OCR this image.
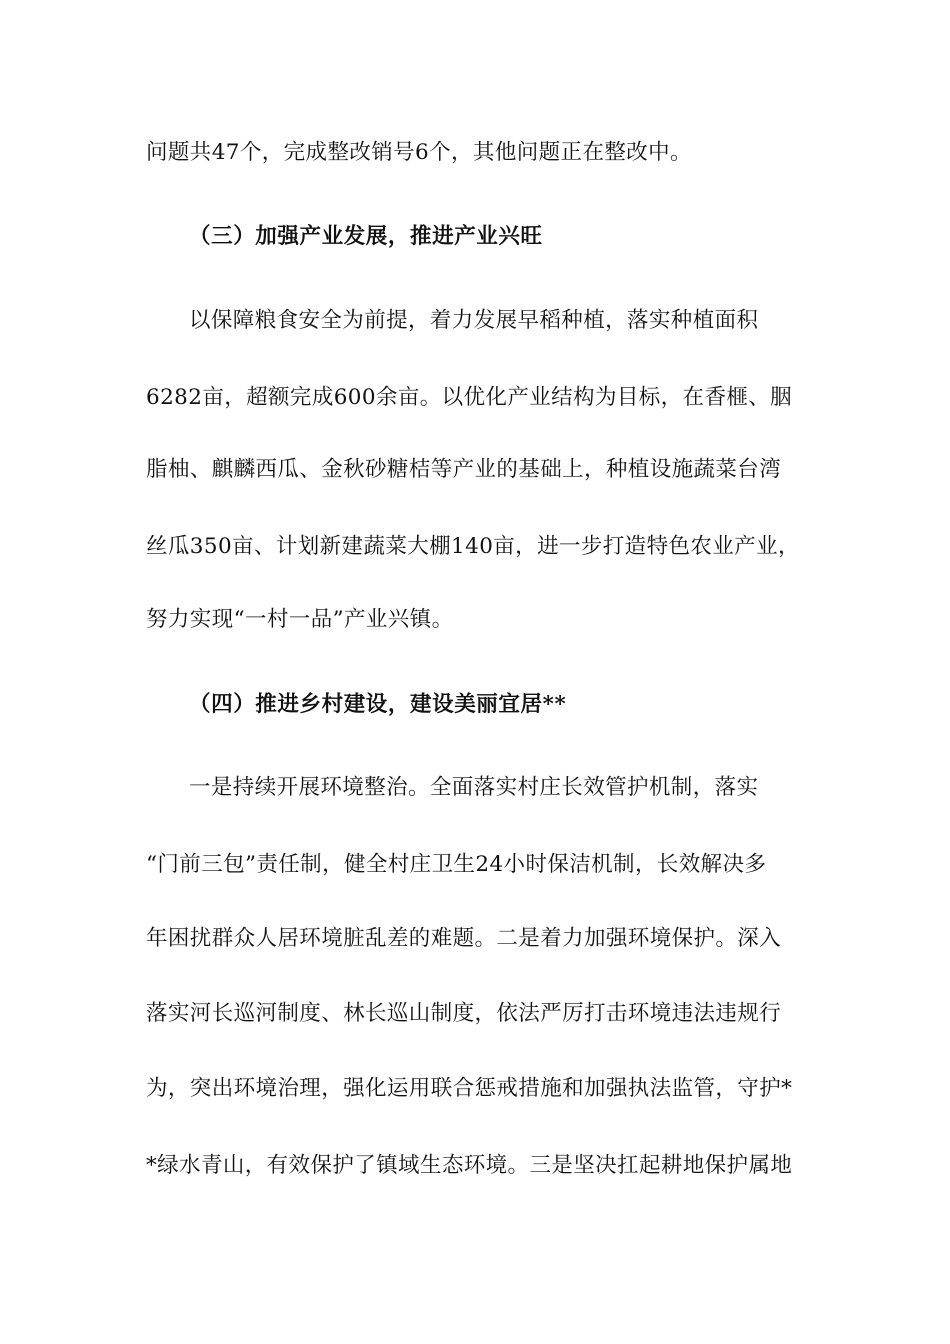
问题共47个，完成整改销号6个，其他问题正在整改中。
（三）加强产业发展，推进产业兴旺
以保障粮食安全为前提，着力发展早稻种植，落实种植面积
6282亩，超额完成600余亩。以优化产业结构为目标，在香榧、胭
脂柚、麒麟西瓜、金秋砂糖桔等产业的基础上，种植设施蔬菜台湾
丝瓜350亩、计划新建蔬菜大棚140亩，进一步打造特色农业产业，
努力实现“一村一品”产业兴镇。
（四）推进乡村建设，建设美丽宜居**
一是持续开展环境整治。全面落实村庄长效管护机制，落实
“门前三包”责任制，健全村庄卫生24小时保洁机制，长效解决多
年困扰群众人居环境脏乱差的难题。二是着力加强环境保护。深入
落实河长巡河制度、林长巡山制度，依法严厉打击环境违法违规行
为，突出环境治理，强化运用联合惩戒措施和加强执法监管，守护*
*绿水青山，有效保护了镇域生态环境。三是坚决扛起耕地保护属地
